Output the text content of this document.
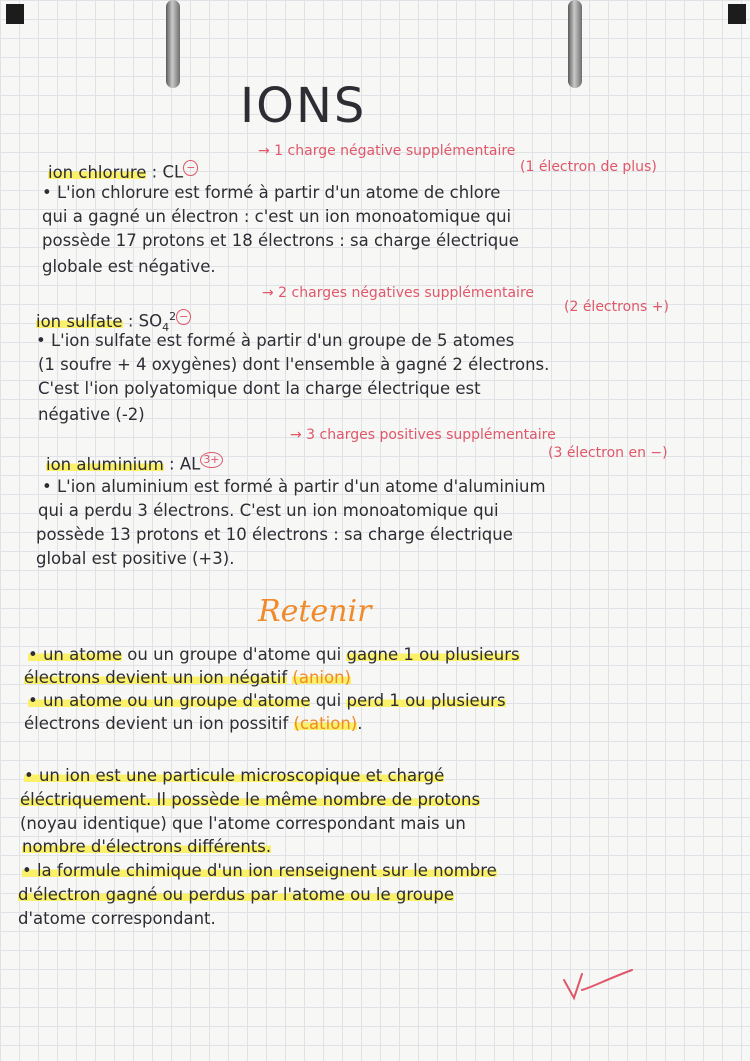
IONS
→ 1 charge négative supplémentaire
(1 électron de plus)
ion chlorure : CL −
• L'ion chlorure est formé à partir d'un atome de chlore
qui a gagné un électron : c'est un ion monoatomique qui
possède 17 protons et 18 électrons : sa charge électrique
globale est négative.
→ 2 charges négatives supplémentaire
(2 électrons +)
ion sulfate : $SO_4^2$ −
• L'ion sulfate est formé à partir d'un groupe de 5 atomes
(1 soufre + 4 oxygènes) dont l'ensemble à gagné 2 électrons.
C'est l'ion polyatomique dont la charge électrique est
négative (-2)
→ 3 charges positives supplémentaire
(3 électron en −)
ion aluminium : AL 3+
• L'ion aluminium est formé à partir d'un atome d'aluminium
qui a perdu 3 électrons. C'est un ion monoatomique qui
possède 13 protons et 10 électrons : sa charge électrique
global est positive (+3).
Retenir
• un atome ou un groupe d'atome qui gagne 1 ou plusieurs
électrons devient un ion négatif (anion)
• un atome ou un groupe d'atome qui perd 1 ou plusieurs
électrons devient un ion possitif (cation).
• un ion est une particule microscopique et chargé
éléctriquement. Il possède le même nombre de protons
(noyau identique) que l'atome correspondant mais un
nombre d'électrons différents.
• la formule chimique d'un ion renseignent sur le nombre
d'électron gagné ou perdus par l'atome ou le groupe
d'atome correspondant.
